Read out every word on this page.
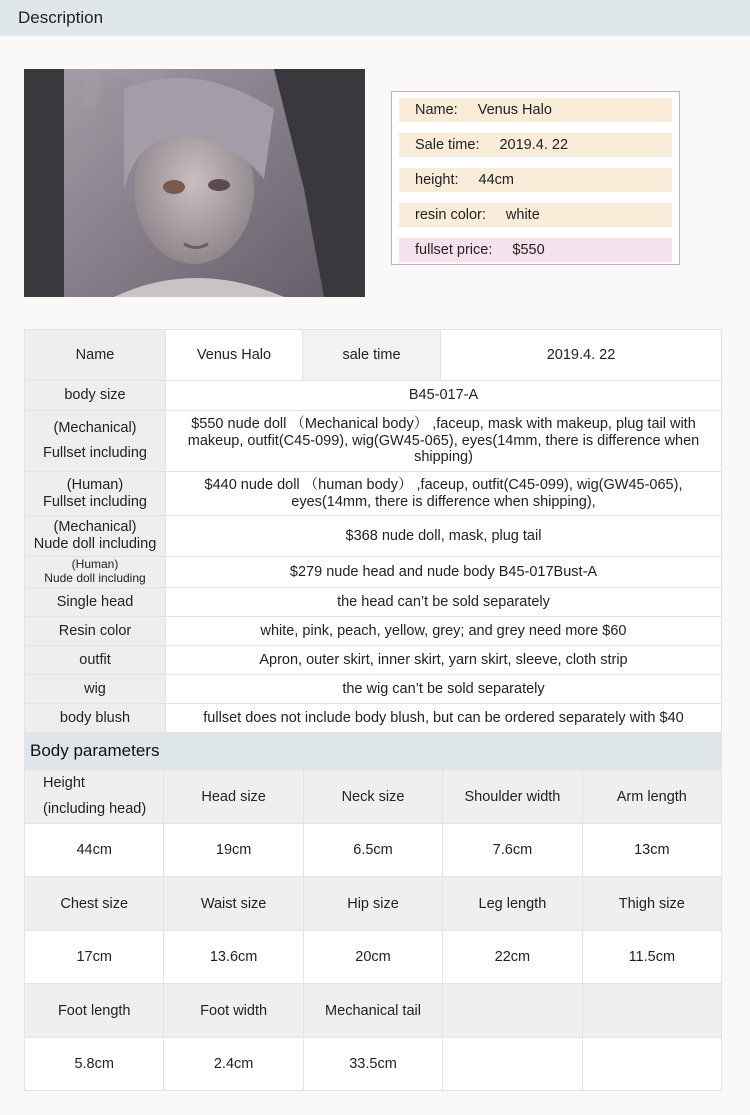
Description
Name: Venus Halo
Sale time: 2019.4. 22
height: 44cm
resin color: white
fullset price: $550
Name	Venus Halo	sale time	2019.4. 22
body size	B45-017-A		

(Mechanical)
Fullset including	$550 nude doll （Mechanical body） ,faceup, mask with makeup, plug tail with makeup, outfit(C45-099), wig(GW45-065), eyes(14mm, there is difference when shipping)		

(Human)
Fullset including	$440 nude doll （human body） ,faceup, outfit(C45-099), wig(GW45-065), eyes(14mm, there is difference when shipping),		

(Mechanical)
Nude doll including	$368 nude doll, mask, plug tail		

(Human)
Nude doll including	$279 nude head and nude body B45-017Bust-A		
Single head	the head can’t be sold separately		
Resin color	white, pink, peach, yellow, grey; and grey need more $60		
outfit	Apron, outer skirt, inner skirt, yarn skirt, sleeve, cloth strip		
wig	the wig can’t be sold separately		
body blush	fullset does not include body blush, but can be ordered separately with $40		
Body parameters
Height
(including head)	Head size	Neck size	Shoulder width	Arm length
44cm	19cm	6.5cm	7.6cm	13cm
Chest size	Waist size	Hip size	Leg length	Thigh size
17cm	13.6cm	20cm	22cm	11.5cm
Foot length	Foot width	Mechanical tail		
5.8cm	2.4cm	33.5cm		
